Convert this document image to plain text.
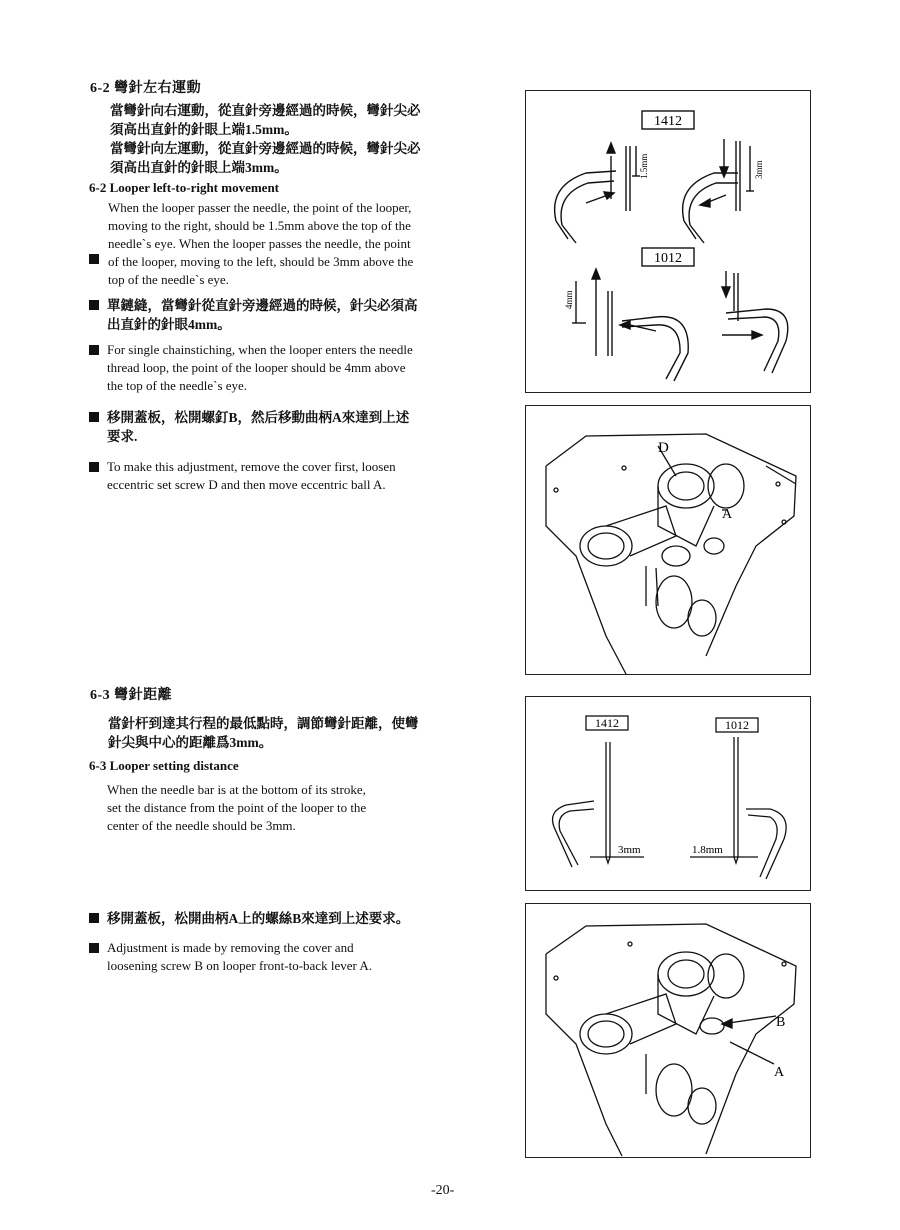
6-2 彎針左右運動
當彎針向右運動，從直針旁邊經過的時候，彎針尖必
須高出直針的針眼上端1.5mm。
當彎針向左運動，從直針旁邊經過的時候，彎針尖必
須高出直針的針眼上端3mm。
6-2 Looper left-to-right movement
When the looper passer the needle, the point of the looper,
moving to the right, should be 1.5mm above the top of the
needle`s eye. When the looper passes the needle, the point
of the looper, moving to the left, should be 3mm above the
top of the needle`s eye.
單鏈縫，當彎針從直針旁邊經過的時候，針尖必須高
出直針的針眼4mm。
For single chainstiching, when the looper enters the needle
thread loop, the point of the looper should be 4mm above
the top of the needle`s eye.
移開蓋板，松開螺釘B，然后移動曲柄A來達到上述
要求.
To make this adjustment, remove the cover first, loosen
eccentric set screw D and then move eccentric ball A.
6-3 彎針距離
當針杆到達其行程的最低點時，調節彎針距離，使彎
針尖與中心的距離爲3mm。
6-3 Looper setting distance
When the needle bar is at the bottom of its stroke,
set the distance from the point of the looper to the
center of the needle should be 3mm.
移開蓋板，松開曲柄A上的螺絲B來達到上述要求。
Adjustment is made by removing the cover and
loosening screw B on looper front-to-back lever A.
1412
1012
1.5mm	3mm
4mm
D
A
1412	1012
3mm	1.8mm
B
A
-20-
